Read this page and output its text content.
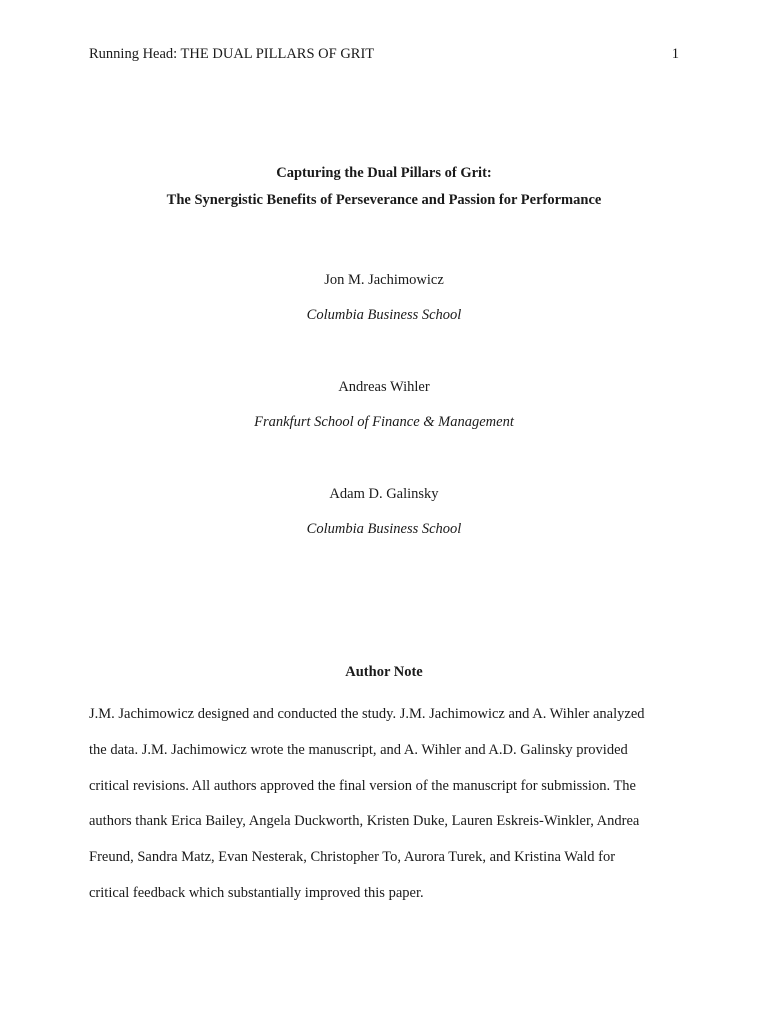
Running Head: THE DUAL PILLARS OF GRIT	1
Capturing the Dual Pillars of Grit:
The Synergistic Benefits of Perseverance and Passion for Performance
Jon M. Jachimowicz
Columbia Business School
Andreas Wihler
Frankfurt School of Finance & Management
Adam D. Galinsky
Columbia Business School
Author Note
J.M. Jachimowicz designed and conducted the study. J.M. Jachimowicz and A. Wihler analyzed
the data. J.M. Jachimowicz wrote the manuscript, and A. Wihler and A.D. Galinsky provided
critical revisions. All authors approved the final version of the manuscript for submission. The
authors thank Erica Bailey, Angela Duckworth, Kristen Duke, Lauren Eskreis-Winkler, Andrea
Freund, Sandra Matz, Evan Nesterak, Christopher To, Aurora Turek, and Kristina Wald for
critical feedback which substantially improved this paper.
